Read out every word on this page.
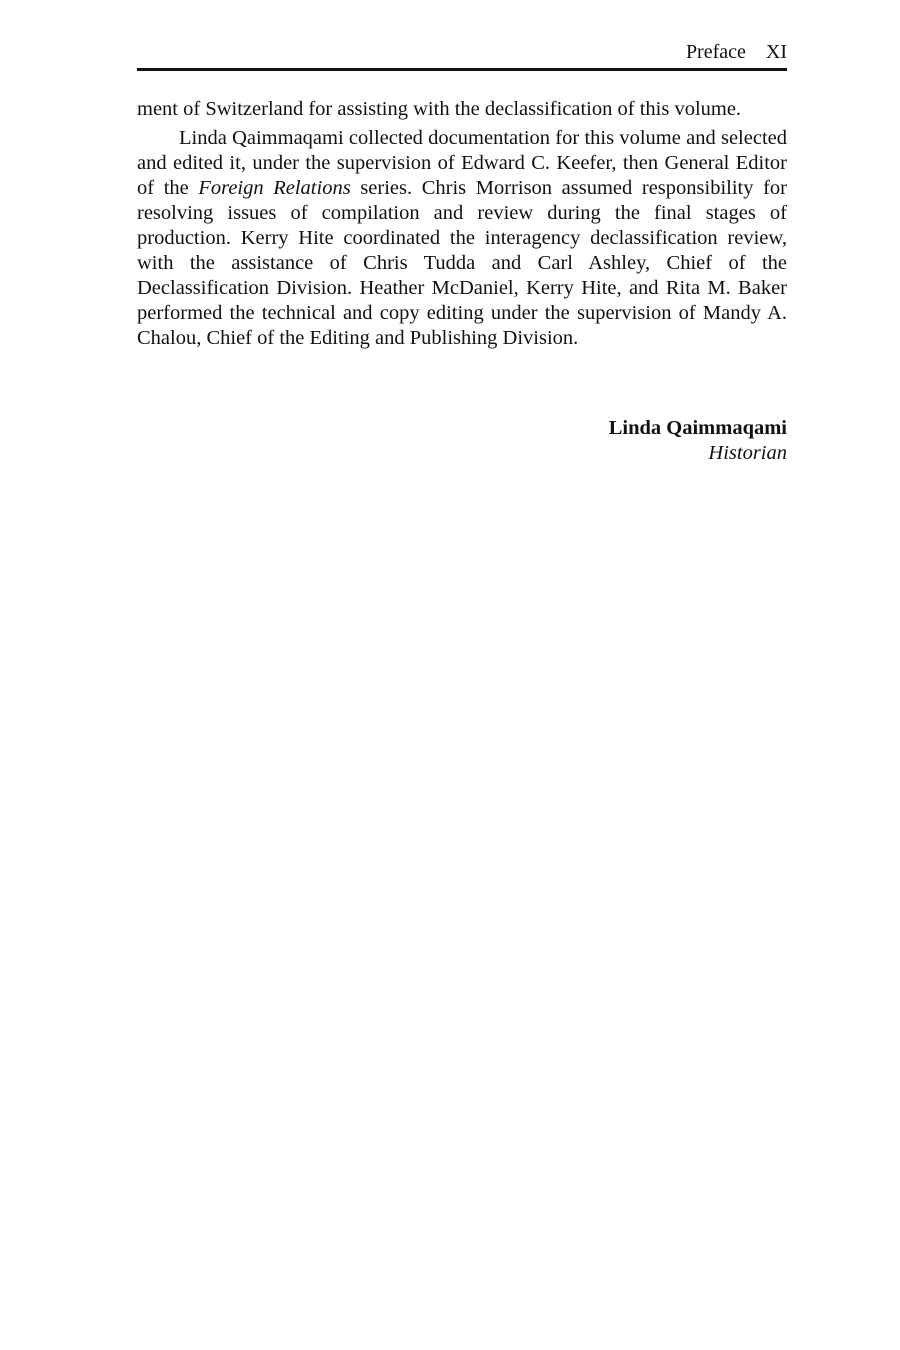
Preface XI

ment of Switzerland for assisting with the declassification of this volume.

Linda Qaimmaqami collected documentation for this volume and selected and edited it, under the supervision of Edward C. Keefer, then General Editor of the Foreign Relations series. Chris Morrison assumed responsibility for resolving issues of compilation and review during the final stages of production. Kerry Hite coordinated the interagency declassification review, with the assistance of Chris Tudda and Carl Ashley, Chief of the Declassification Division. Heather McDaniel, Kerry Hite, and Rita M. Baker performed the technical and copy editing under the supervision of Mandy A. Chalou, Chief of the Editing and Publishing Division.

Linda Qaimmaqami
Historian
